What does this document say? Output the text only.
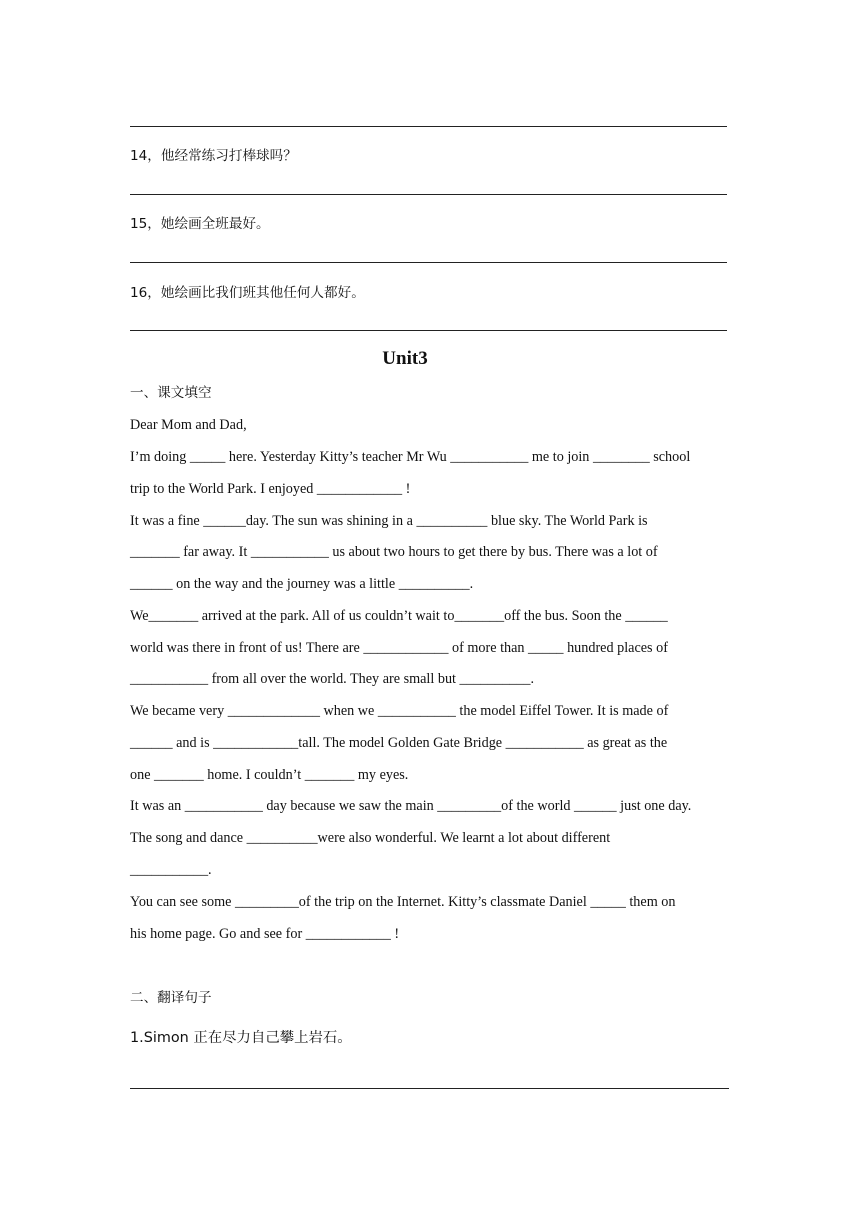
14，他经常练习打棒球吗？
15，她绘画全班最好。
16，她绘画比我们班其他任何人都好。
Unit3
一、课文填空
Dear Mom and Dad,
I’m doing _____ here. Yesterday Kitty’s teacher Mr Wu ___________ me to join ________ school
trip to the World Park. I enjoyed ____________ !
It was a fine ______day. The sun was shining in a __________ blue sky. The World Park is
_______ far away. It ___________ us about two hours to get there by bus. There was a lot of
______ on the way and the journey was a little __________.
We_______ arrived at the park. All of us couldn’t wait to_______off the bus. Soon the ______
world was there in front of us! There are ____________ of more than _____ hundred places of
___________ from all over the world. They are small but __________.
We became very _____________ when we ___________ the model Eiffel Tower. It is made of
______ and is ____________tall. The model Golden Gate Bridge ___________ as great as the
one _______ home. I couldn’t _______ my eyes.
It was an ___________ day because we saw the main _________of the world ______ just one day.
The song and dance __________were also wonderful. We learnt a lot about different
___________.
You can see some _________of the trip on the Internet. Kitty’s classmate Daniel _____ them on
his home page. Go and see for ____________ !
二、翻译句子
1.Simon 正在尽力自己攀上岩石。
